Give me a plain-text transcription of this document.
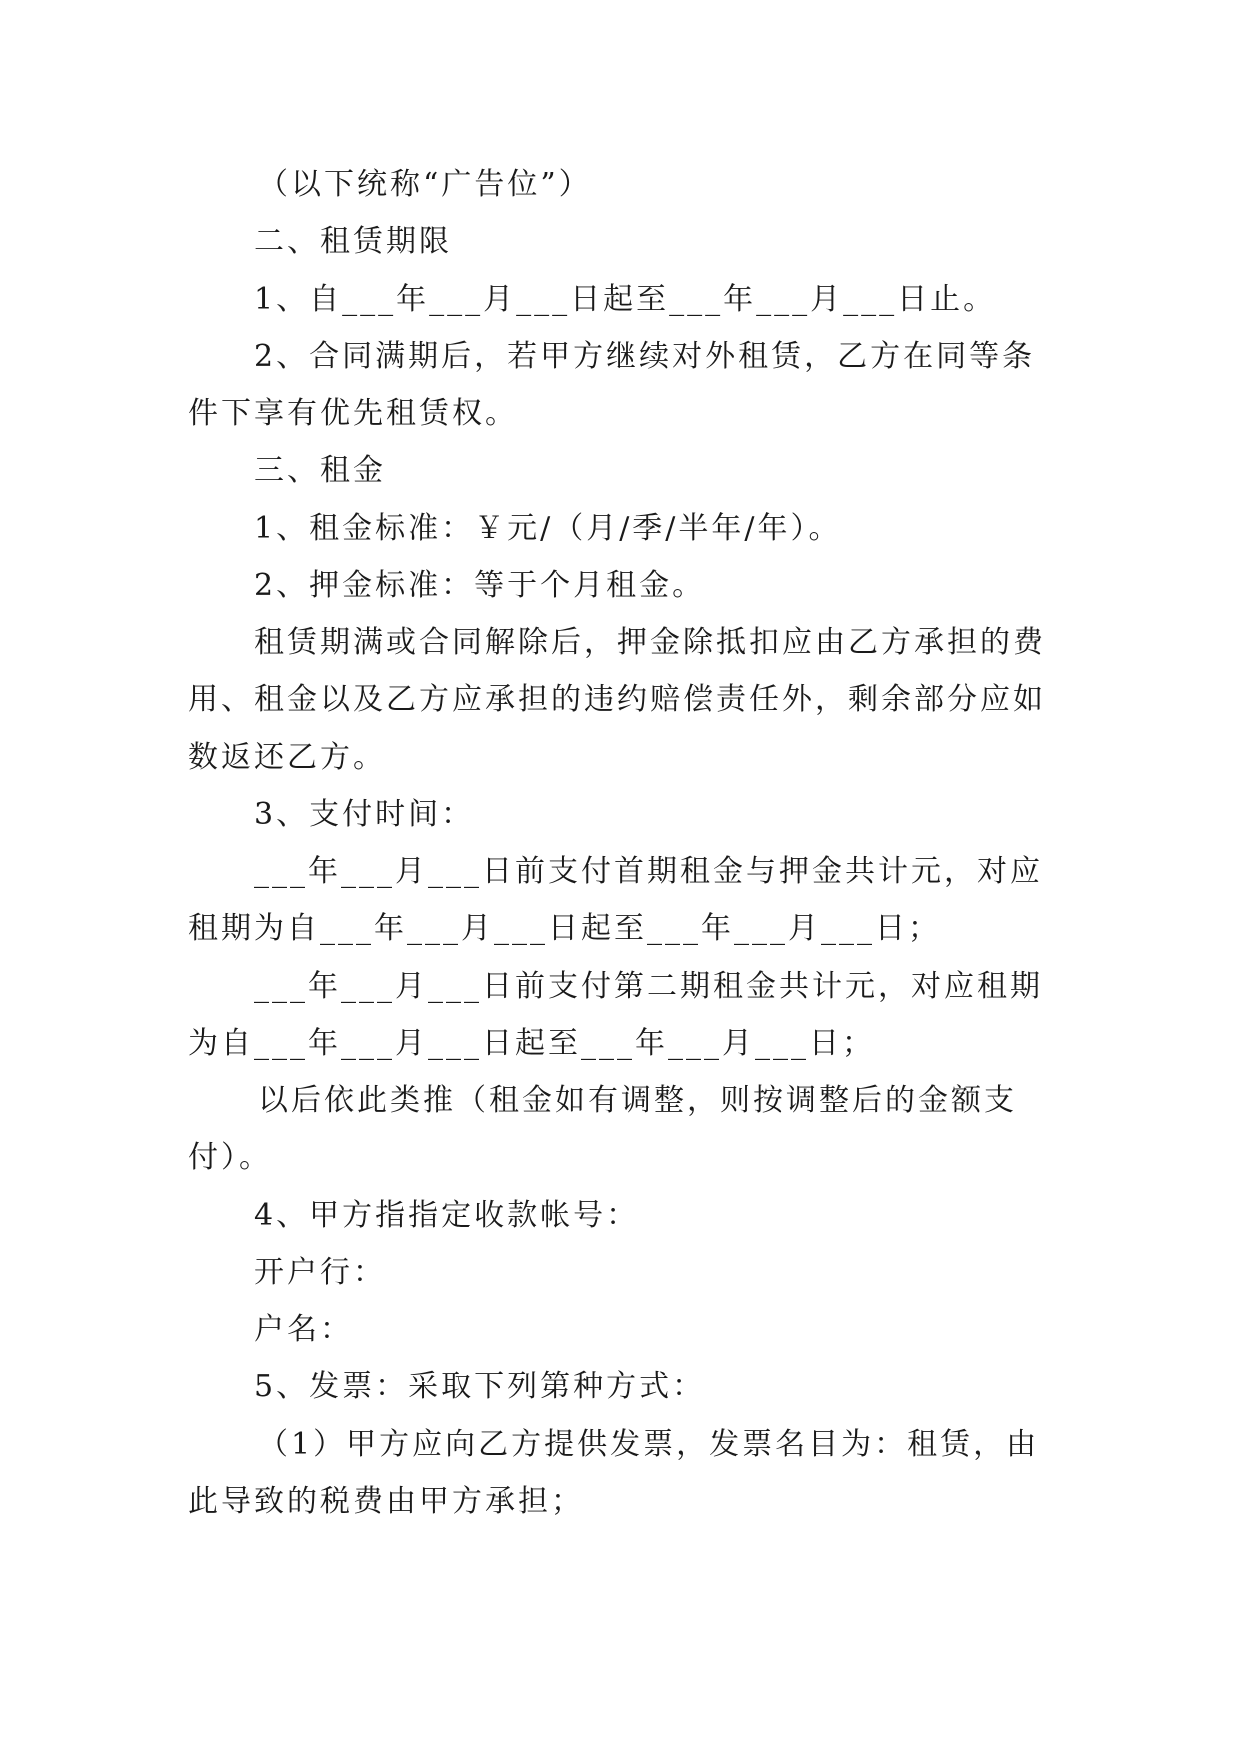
（以下统称“广告位”）
二、租赁期限
1、自___年___月___日起至___年___月___日止。
2、合同满期后，若甲方继续对外租赁，乙方在同等条
件下享有优先租赁权。
三、租金
1、租金标准：￥元/（月/季/半年/年）。
2、押金标准：等于个月租金。
租赁期满或合同解除后，押金除抵扣应由乙方承担的费
用、租金以及乙方应承担的违约赔偿责任外，剩余部分应如
数返还乙方。
3、支付时间：
___年___月___日前支付首期租金与押金共计元，对应
租期为自___年___月___日起至___年___月___日；
___年___月___日前支付第二期租金共计元，对应租期
为自___年___月___日起至___年___月___日；
以后依此类推（租金如有调整，则按调整后的金额支
付）。
4、甲方指指定收款帐号：
开户行：
户名：
5、发票：采取下列第种方式：
（1）甲方应向乙方提供发票，发票名目为：租赁，由
此导致的税费由甲方承担；
